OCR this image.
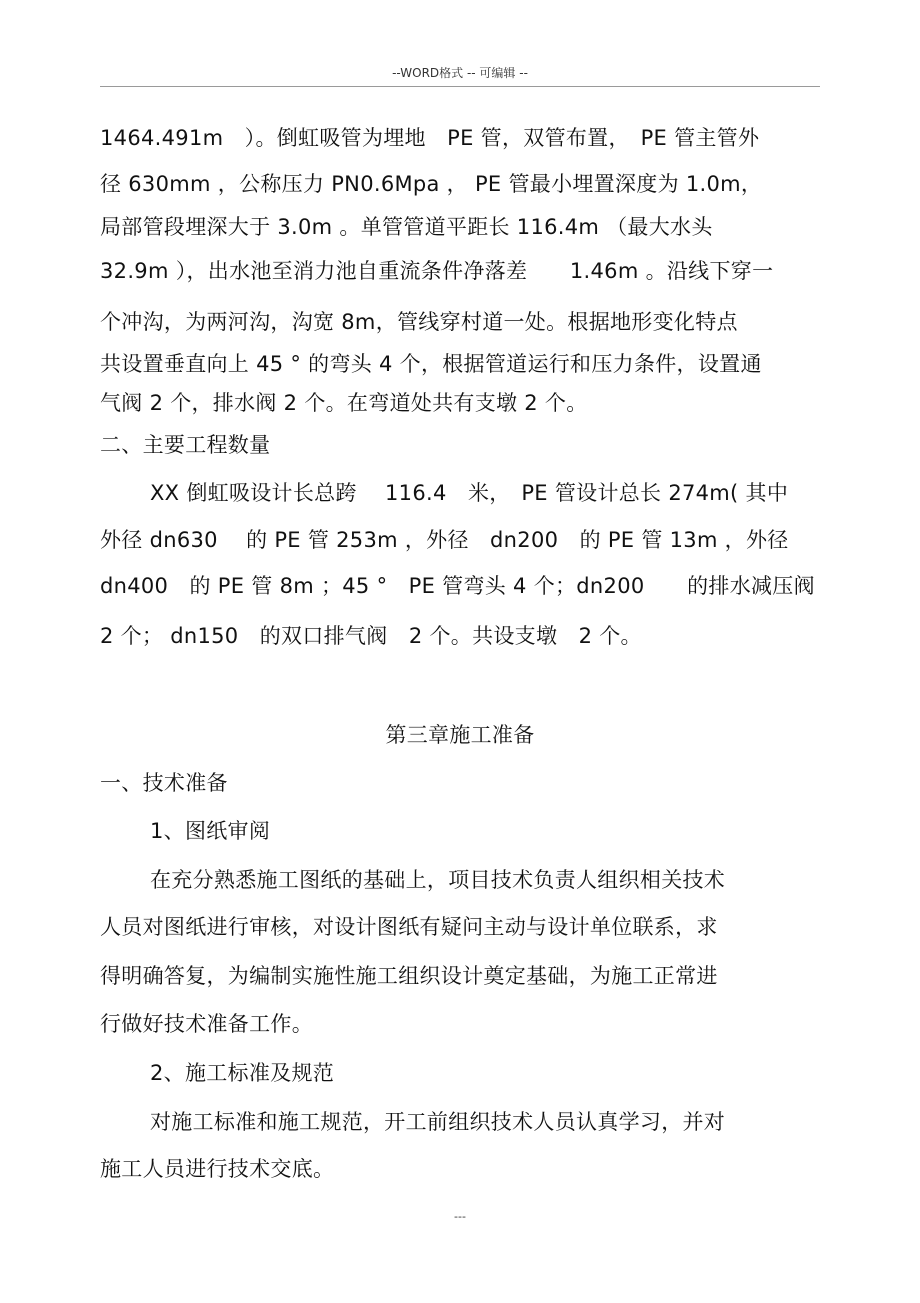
--WORD格式 -- 可编辑 --
1464.491m　）。倒虹吸管为埋地　PE 管，双管布置，　PE 管主管外
径 630mm ，公称压力 PN0.6Mpa ， PE 管最小埋置深度为 1.0m，
局部管段埋深大于 3.0m 。单管管道平距长 116.4m （最大水头
32.9m ），出水池至消力池自重流条件净落差　　1.46m 。沿线下穿一
个冲沟，为两河沟，沟宽 8m，管线穿村道一处。根据地形变化特点
共设置垂直向上 45 ° 的弯头 4 个，根据管道运行和压力条件，设置通
气阀 2 个，排水阀 2 个。在弯道处共有支墩 2 个。
二、主要工程数量
XX 倒虹吸设计长总跨　 116.4　米，　PE 管设计总长 274m( 其中
外径 dn630　 的 PE 管 253m ，外径　dn200　的 PE 管 13m ，外径
dn400　的 PE 管 8m ；45 °　PE 管弯头 4 个；dn200　　的排水减压阀
2 个； dn150　的双口排气阀　2 个。共设支墩　2 个。
第三章施工准备
一、技术准备
1、图纸审阅
在充分熟悉施工图纸的基础上，项目技术负责人组织相关技术
人员对图纸进行审核，对设计图纸有疑问主动与设计单位联系，求
得明确答复，为编制实施性施工组织设计奠定基础，为施工正常进
行做好技术准备工作。
2、施工标准及规范
对施工标准和施工规范，开工前组织技术人员认真学习，并对
施工人员进行技术交底。
---
